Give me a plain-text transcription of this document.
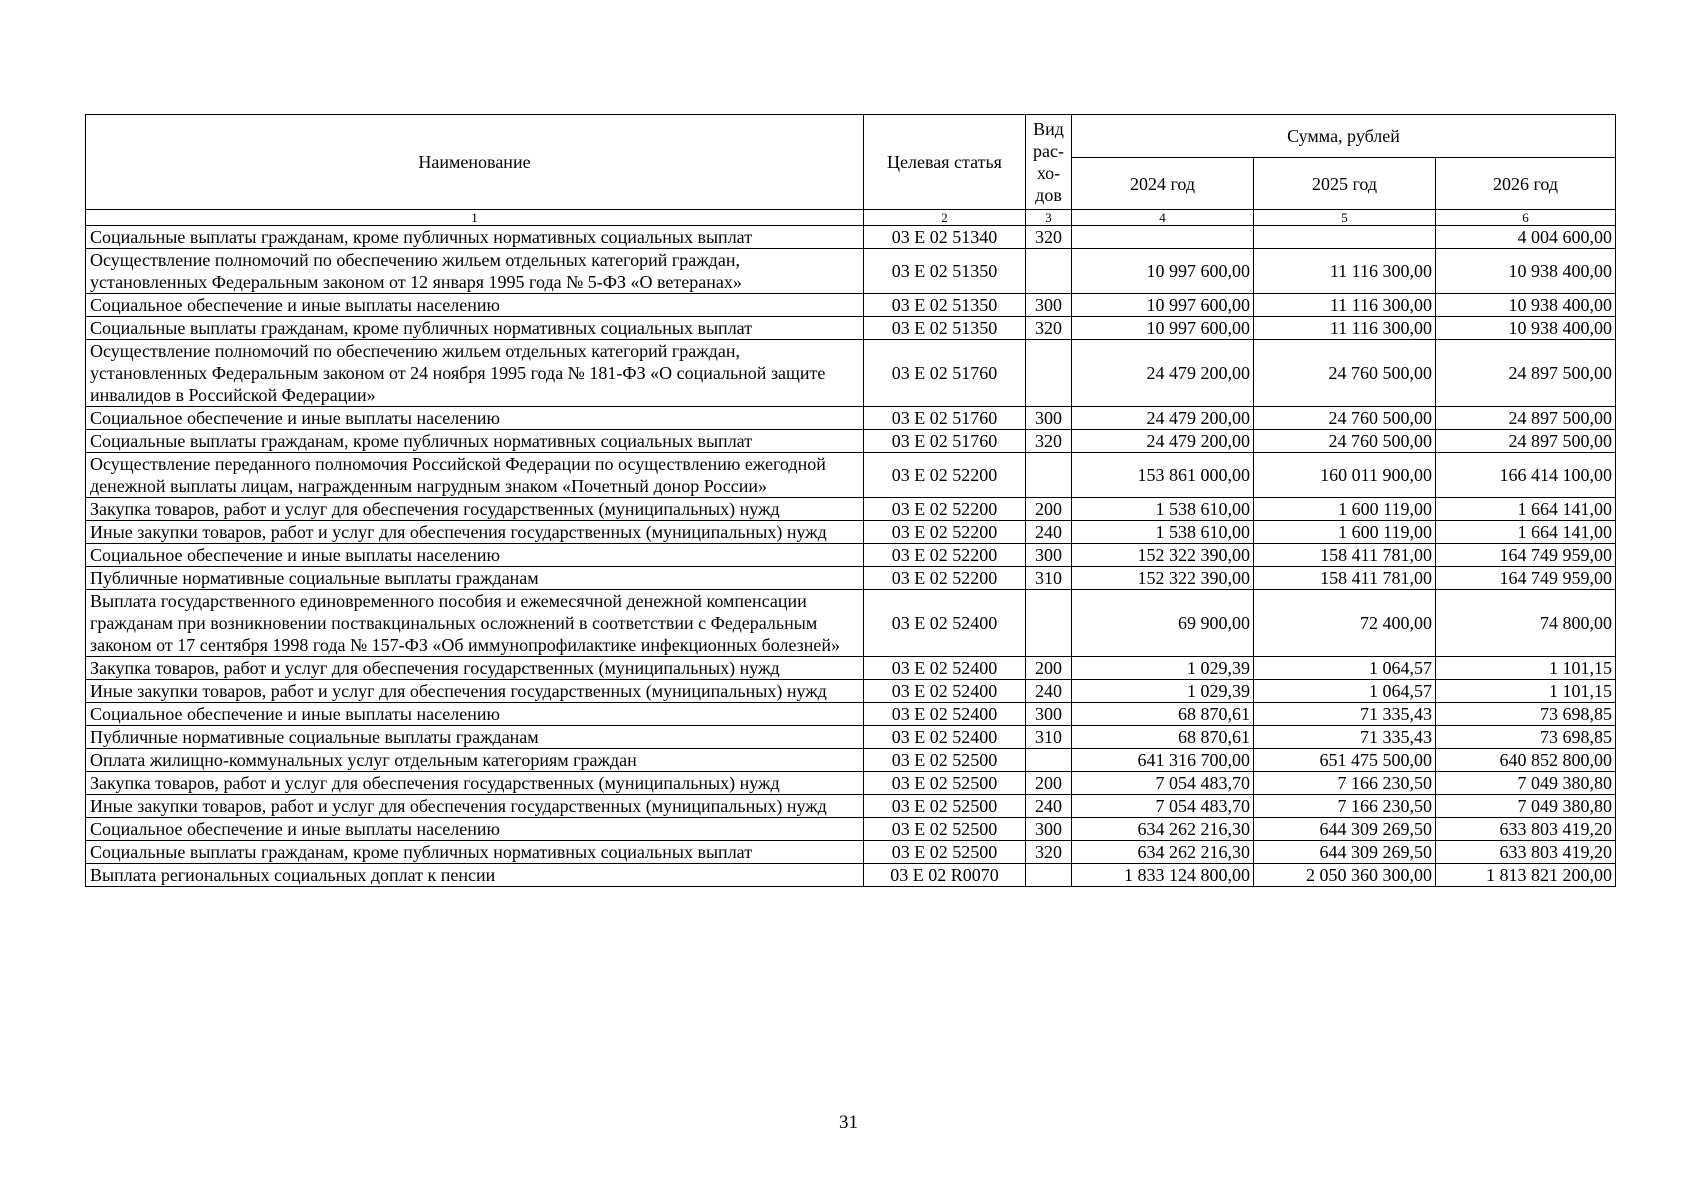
Наименование	Целевая статья	Вид рас-хо-дов	Сумма, рублей		
			2024 год	2025 год	2026 год
1	2	3	4	5	6
Социальные выплаты гражданам, кроме публичных нормативных социальных выплат	03 Е 02 51340	320			4 004 600,00
Осуществление полномочий по обеспечению жильем отдельных категорий граждан, установленных Федеральным законом от 12 января 1995 года № 5-ФЗ «О ветеранах»	03 Е 02 51350		10 997 600,00	11 116 300,00	10 938 400,00
Социальное обеспечение и иные выплаты населению	03 Е 02 51350	300	10 997 600,00	11 116 300,00	10 938 400,00
Социальные выплаты гражданам, кроме публичных нормативных социальных выплат	03 Е 02 51350	320	10 997 600,00	11 116 300,00	10 938 400,00
Осуществление полномочий по обеспечению жильем отдельных категорий граждан, установленных Федеральным законом от 24 ноября 1995 года № 181-ФЗ «О социальной защите инвалидов в Российской Федерации»	03 Е 02 51760		24 479 200,00	24 760 500,00	24 897 500,00
Социальное обеспечение и иные выплаты населению	03 Е 02 51760	300	24 479 200,00	24 760 500,00	24 897 500,00
Социальные выплаты гражданам, кроме публичных нормативных социальных выплат	03 Е 02 51760	320	24 479 200,00	24 760 500,00	24 897 500,00
Осуществление переданного полномочия Российской Федерации по осуществлению ежегодной денежной выплаты лицам, награжденным нагрудным знаком «Почетный донор России»	03 Е 02 52200		153 861 000,00	160 011 900,00	166 414 100,00
Закупка товаров, работ и услуг для обеспечения государственных (муниципальных) нужд	03 Е 02 52200	200	1 538 610,00	1 600 119,00	1 664 141,00
Иные закупки товаров, работ и услуг для обеспечения государственных (муниципальных) нужд	03 Е 02 52200	240	1 538 610,00	1 600 119,00	1 664 141,00
Социальное обеспечение и иные выплаты населению	03 Е 02 52200	300	152 322 390,00	158 411 781,00	164 749 959,00
Публичные нормативные социальные выплаты гражданам	03 Е 02 52200	310	152 322 390,00	158 411 781,00	164 749 959,00
Выплата государственного единовременного пособия и ежемесячной денежной компенсации гражданам при возникновении поствакцинальных осложнений в соответствии с Федеральным законом от 17 сентября 1998 года № 157-ФЗ «Об иммунопрофилактике инфекционных болезней»	03 Е 02 52400		69 900,00	72 400,00	74 800,00
Закупка товаров, работ и услуг для обеспечения государственных (муниципальных) нужд	03 Е 02 52400	200	1 029,39	1 064,57	1 101,15
Иные закупки товаров, работ и услуг для обеспечения государственных (муниципальных) нужд	03 Е 02 52400	240	1 029,39	1 064,57	1 101,15
Социальное обеспечение и иные выплаты населению	03 Е 02 52400	300	68 870,61	71 335,43	73 698,85
Публичные нормативные социальные выплаты гражданам	03 Е 02 52400	310	68 870,61	71 335,43	73 698,85
Оплата жилищно-коммунальных услуг отдельным категориям граждан	03 Е 02 52500		641 316 700,00	651 475 500,00	640 852 800,00
Закупка товаров, работ и услуг для обеспечения государственных (муниципальных) нужд	03 Е 02 52500	200	7 054 483,70	7 166 230,50	7 049 380,80
Иные закупки товаров, работ и услуг для обеспечения государственных (муниципальных) нужд	03 Е 02 52500	240	7 054 483,70	7 166 230,50	7 049 380,80
Социальное обеспечение и иные выплаты населению	03 Е 02 52500	300	634 262 216,30	644 309 269,50	633 803 419,20
Социальные выплаты гражданам, кроме публичных нормативных социальных выплат	03 Е 02 52500	320	634 262 216,30	644 309 269,50	633 803 419,20
Выплата региональных социальных доплат к пенсии	03 Е 02 R0070		1 833 124 800,00	2 050 360 300,00	1 813 821 200,00
31
